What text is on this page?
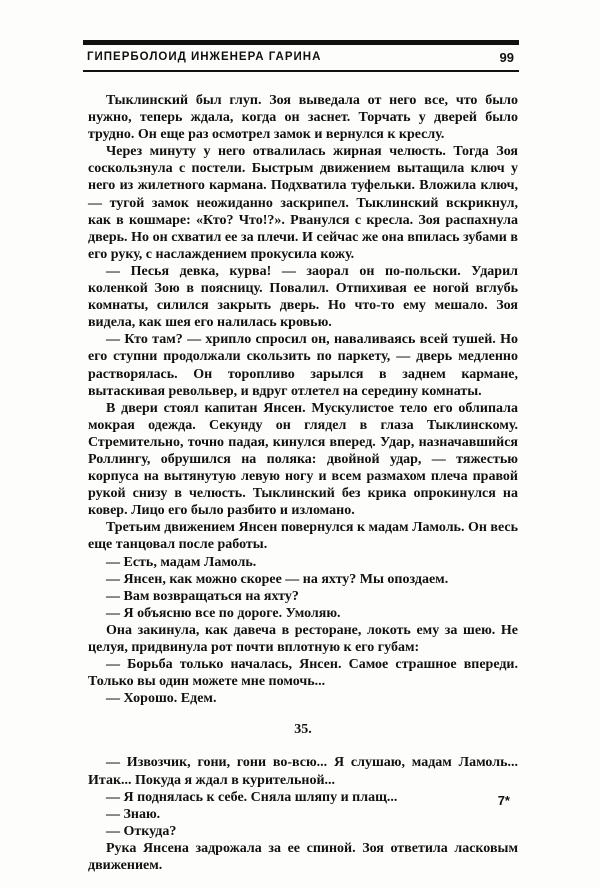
ГИПЕРБОЛОИД ИНЖЕНЕРА ГАРИНА	99

Тыклинский был глуп. Зоя выведала от него все, что было нужно, теперь ждала, когда он заснет. Торчать у дверей было трудно. Он еще раз осмотрел замок и вернулся к креслу.

Через минуту у него отвалилась жирная челюсть. Тогда Зоя соскользнула с постели. Быстрым движением вытащила ключ у него из жилетного кармана. Подхватила туфельки. Вложила ключ, — тугой замок неожиданно заскрипел. Тыклинский вскрикнул, как в кошмаре: «Кто? Что!?». Рванулся с кресла. Зоя распахнула дверь. Но он схватил ее за плечи. И сейчас же она впилась зубами в его руку, с наслаждением прокусила кожу.

— Песья девка, курва! — заорал он по-польски. Ударил коленкой Зою в поясницу. Повалил. Отпихивая ее ногой вглубь комнаты, силился закрыть дверь. Но что-то ему мешало. Зоя видела, как шея его налилась кровью.

— Кто там? — хрипло спросил он, наваливаясь всей тушей. Но его ступни продолжали скользить по паркету, — дверь медленно растворялась. Он торопливо зарылся в заднем кармане, вытаскивая револьвер, и вдруг отлетел на середину комнаты.

В двери стоял капитан Янсен. Мускулистое тело его облипала мокрая одежда. Секунду он глядел в глаза Тыклинскому. Стремительно, точно падая, кинулся вперед. Удар, назначавшийся Роллингу, обрушился на поляка: двойной удар, — тяжестью корпуса на вытянутую левую ногу и всем размахом плеча правой рукой снизу в челюсть. Тыклинский без крика опрокинулся на ковер. Лицо его было разбито и изломано.

Третьим движением Янсен повернулся к мадам Ламоль. Он весь еще танцовал после работы.

— Есть, мадам Ламоль.

— Янсен, как можно скорее — на яхту? Мы опоздаем.

— Вам возвращаться на яхту?

— Я объясню все по дороге. Умоляю.

Она закинула, как давеча в ресторане, локоть ему за шею. Не целуя, придвинула рот почти вплотную к его губам:

— Борьба только началась, Янсен. Самое страшное впереди. Только вы один можете мне помочь...

— Хорошо. Едем.

35.

— Извозчик, гони, гони во-всю... Я слушаю, мадам Ламоль... Итак... Покуда я ждал в курительной...

— Я поднялась к себе. Сняла шляпу и плащ...

— Знаю.

— Откуда?

Рука Янсена задрожала за ее спиной. Зоя ответила ласковым движением.

7*
